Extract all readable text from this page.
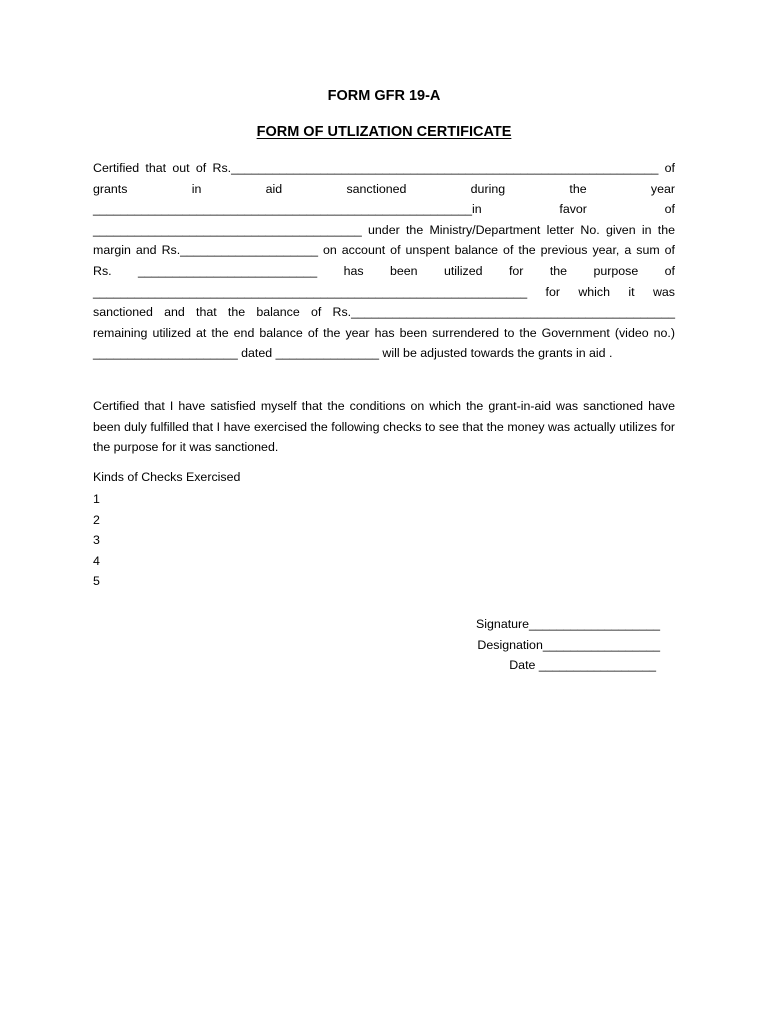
FORM GFR 19-A
FORM OF UTLIZATION CERTIFICATE

Certified that out of Rs.______________________________________________________________ of grants in aid sanctioned during the year _______________________________________________________in favor of _______________________________________ under the Ministry/Department letter No. given in the margin and Rs.____________________ on account of unspent balance of the previous year, a sum of Rs. __________________________ has been utilized for the purpose of _______________________________________________________________ for which it was sanctioned and that the balance of Rs._______________________________________________ remaining utilized at the end balance of the year has been surrendered to the Government (video no.) _____________________ dated _______________ will be adjusted towards the grants in aid .

Certified that I have satisfied myself that the conditions on which the grant-in-aid was sanctioned have been duly fulfilled that I have exercised the following checks to see that the money was actually utilizes for the purpose for it was sanctioned.

Kinds of Checks Exercised
1
2
3
4
5
Signature___________________
Designation_________________
Date _________________
